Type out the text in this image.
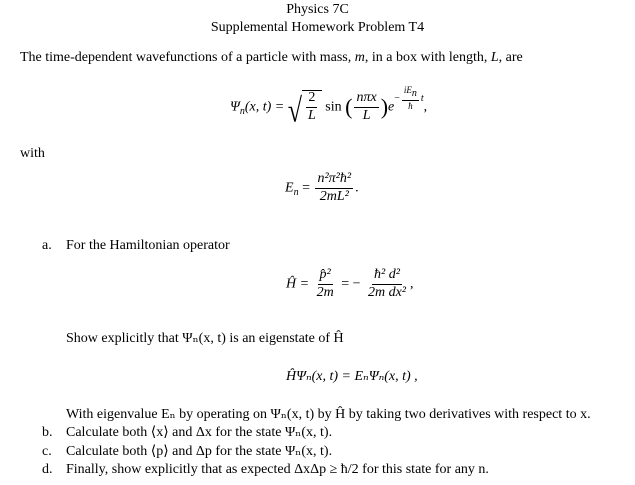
Physics 7C
Supplemental Homework Problem T4
The time-dependent wavefunctions of a particle with mass, m, in a box with length, L, are
$\Psi_n(x$, t) = √ $\frac{2}{L}$ sin ( $\frac{\text{nπx}}{L} )e- \frac{\text{iEn}}{ħ}$ t
,
with
$E_n = \frac{\text{n²π²ħ²}}{\text{2mL²}}$ .
a. For the Hamiltonian operator
Ĥ = $\frac{\text{p̂²}}{2m}$ = − $\frac{\text{ħ² d²}}{\text{2m dx²}}$ ,
Show explicitly that Ψₙ(x, t) is an eigenstate of Ĥ
ĤΨₙ(x, t) = EₙΨₙ(x, t) ,
With eigenvalue Eₙ by operating on Ψₙ(x, t) by Ĥ by taking two derivatives with respect to x.
b. Calculate both ⟨x⟩ and Δx for the state Ψₙ(x, t).
c. Calculate both ⟨p⟩ and Δp for the state Ψₙ(x, t).
d. Finally, show explicitly that as expected ΔxΔp ≥ ħ/2 for this state for any n.
